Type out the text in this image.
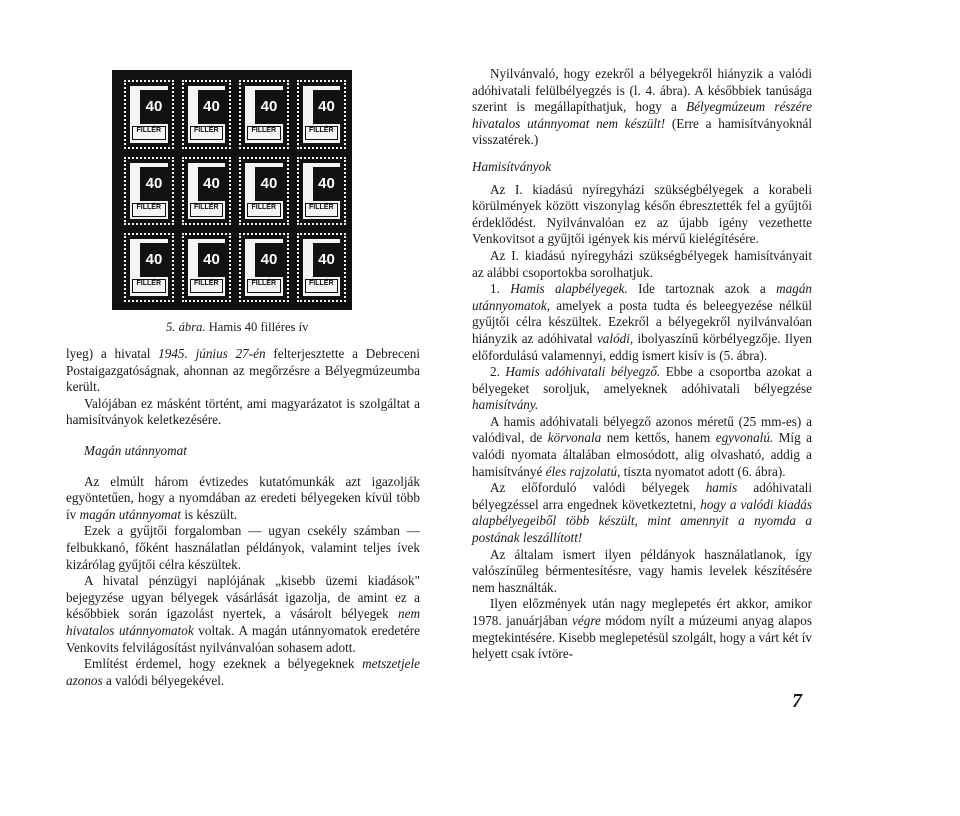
40
FILLÉR
40
FILLÉR
40
FILLÉR
40
FILLÉR
40
FILLÉR
40
FILLÉR
40
FILLÉR
40
FILLÉR
40
FILLÉR
40
FILLÉR
40
FILLÉR
40
FILLÉR
5. ábra. Hamis 40 filléres ív

lyeg) a hivatal 1945. június 27-én felterjesztette a Debreceni Postaigazgatóságnak, ahonnan az megőrzésre a Bélyegmúzeumba került.

Valójában ez másként történt, ami magyarázatot is szolgáltat a hamisítványok keletkezésére.

Magán utánnyomat

Az elmúlt három évtizedes kutatómunkák azt igazolják egyöntetűen, hogy a nyomdában az eredeti bélyegeken kívül több ív magán utánnyomat is készült.

Ezek a gyűjtői forgalomban — ugyan csekély számban — felbukkanó, főként használatlan példányok, valamint teljes ívek kizárólag gyűjtői célra készültek.

A hivatal pénzügyi naplójának „kisebb üzemi kiadások" bejegyzése ugyan bélyegek vásárlását igazolja, de amint ez a későbbiek során igazolást nyertek, a vásárolt bélyegek nem hivatalos utánnyomatok voltak. A magán utánnyomatok eredetére Venkovits felvilágosítást nyilvánvalóan sohasem adott.

Említést érdemel, hogy ezeknek a bélyegeknek metszetjele azonos a valódi bélyegekével.

Nyilvánvaló, hogy ezekről a bélyegekről hiányzik a valódi adóhivatali felülbélyegzés is (l. 4. ábra). A későbbiek tanúsága szerint is megállapíthatjuk, hogy a Bélyegmúzeum részére hivatalos utánnyomat nem készült! (Erre a hamisítványoknál visszatérek.)

Hamisítványok

Az I. kiadású nyíregyházi szükségbélyegek a korabeli körülmények között viszonylag későn ébresztették fel a gyűjtői érdeklődést. Nyilvánvalóan ez az újabb igény vezethette Venkovitsot a gyűjtői igények kis mérvű kielégítésére.

Az I. kiadású nyíregyházi szükségbélyegek hamisítványait az alábbi csoportokba sorolhatjuk.

1. Hamis alapbélyegek. Ide tartoznak azok a magán utánnyomatok, amelyek a posta tudta és beleegyezése nélkül gyűjtői célra készültek. Ezekről a bélyegekről nyilvánvalóan hiányzik az adóhivatal valódi, ibolyaszínű körbélyegzője. Ilyen előfordulású valamennyi, eddig ismert kisív is (5. ábra).

2. Hamis adóhivatali bélyegző. Ebbe a csoportba azokat a bélyegeket soroljuk, amelyeknek adóhivatali bélyegzése hamisítvány.

A hamis adóhivatali bélyegző azonos méretű (25 mm-es) a valódival, de körvonala nem kettős, hanem egyvonalú. Míg a valódi nyomata általában elmosódott, alig olvasható, addig a hamisítványé éles rajzolatú, tiszta nyomatot adott (6. ábra).

Az előforduló valódi bélyegek hamis adóhivatali bélyegzéssel arra engednek következtetni, hogy a valódi kiadás alapbélyegeiből több készült, mint amennyit a nyomda a postának leszállított!

Az általam ismert ilyen példányok használatlanok, így valószínűleg bérmentesítésre, vagy hamis levelek készítésére nem használták.

Ilyen előzmények után nagy meglepetés ért akkor, amikor 1978. januárjában végre módom nyílt a múzeumi anyag alapos megtekintésére. Kisebb meglepetésül szolgált, hogy a várt két ív helyett csak ívtöre-

7
